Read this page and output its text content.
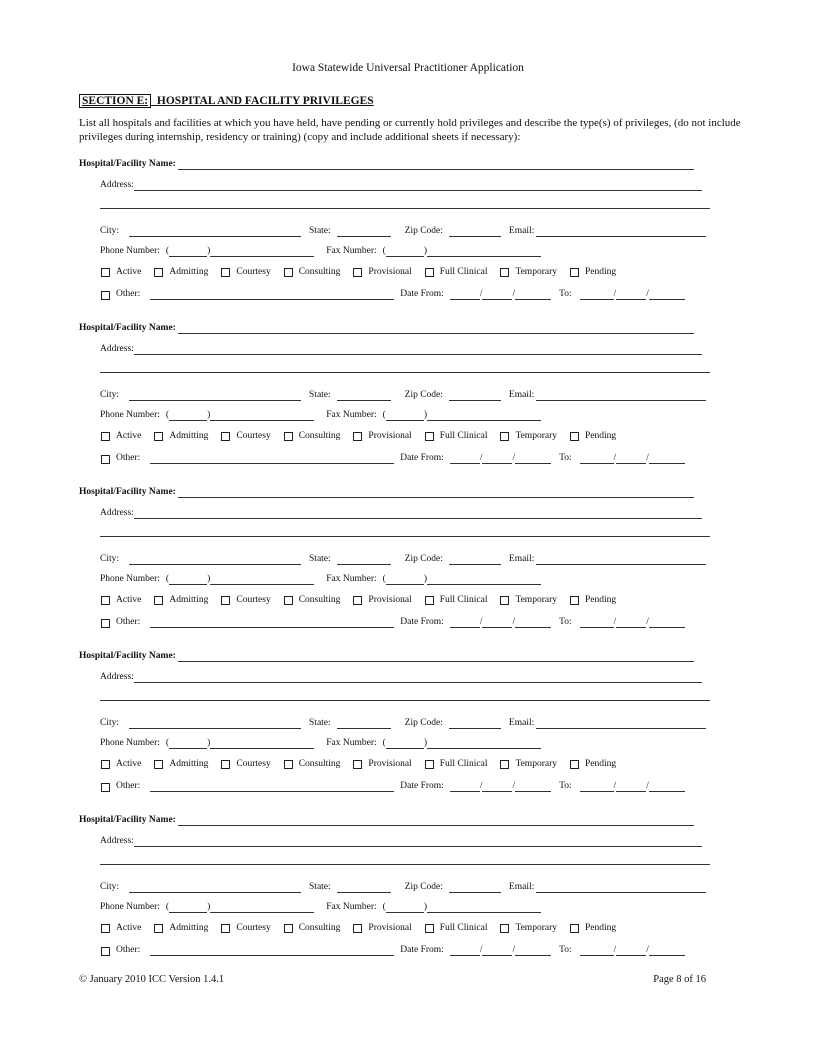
Iowa Statewide Universal Practitioner Application
SECTION E: HOSPITAL AND FACILITY PRIVILEGES
List all hospitals and facilities at which you have held, have pending or currently hold privileges and describe the type(s) of privileges, (do not include privileges during internship, residency or training) (copy and include additional sheets if necessary):
Hospital/Facility Name:
Address:
City:	State:	Zip Code:	Email:
Phone Number: (	)	Fax Number: (	)
Active	Admitting	Courtesy	Consulting	Provisional	Full Clinical	Temporary	Pending
Other:	Date From:	/	/	To:	/	/
Hospital/Facility Name:
Address:
City:	State:	Zip Code:	Email:
Phone Number: (	)	Fax Number: (	)
Active	Admitting	Courtesy	Consulting	Provisional	Full Clinical	Temporary	Pending
Other:	Date From:	/	/	To:	/	/
Hospital/Facility Name:
Address:
City:	State:	Zip Code:	Email:
Phone Number: (	)	Fax Number: (	)
Active	Admitting	Courtesy	Consulting	Provisional	Full Clinical	Temporary	Pending
Other:	Date From:	/	/	To:	/	/
Hospital/Facility Name:
Address:
City:	State:	Zip Code:	Email:
Phone Number: (	)	Fax Number: (	)
Active	Admitting	Courtesy	Consulting	Provisional	Full Clinical	Temporary	Pending
Other:	Date From:	/	/	To:	/	/
Hospital/Facility Name:
Address:
City:	State:	Zip Code:	Email:
Phone Number: (	)	Fax Number: (	)
Active	Admitting	Courtesy	Consulting	Provisional	Full Clinical	Temporary	Pending
Other:	Date From:	/	/	To:	/	/
© January 2010 ICC Version 1.4.1	Page 8 of 16
